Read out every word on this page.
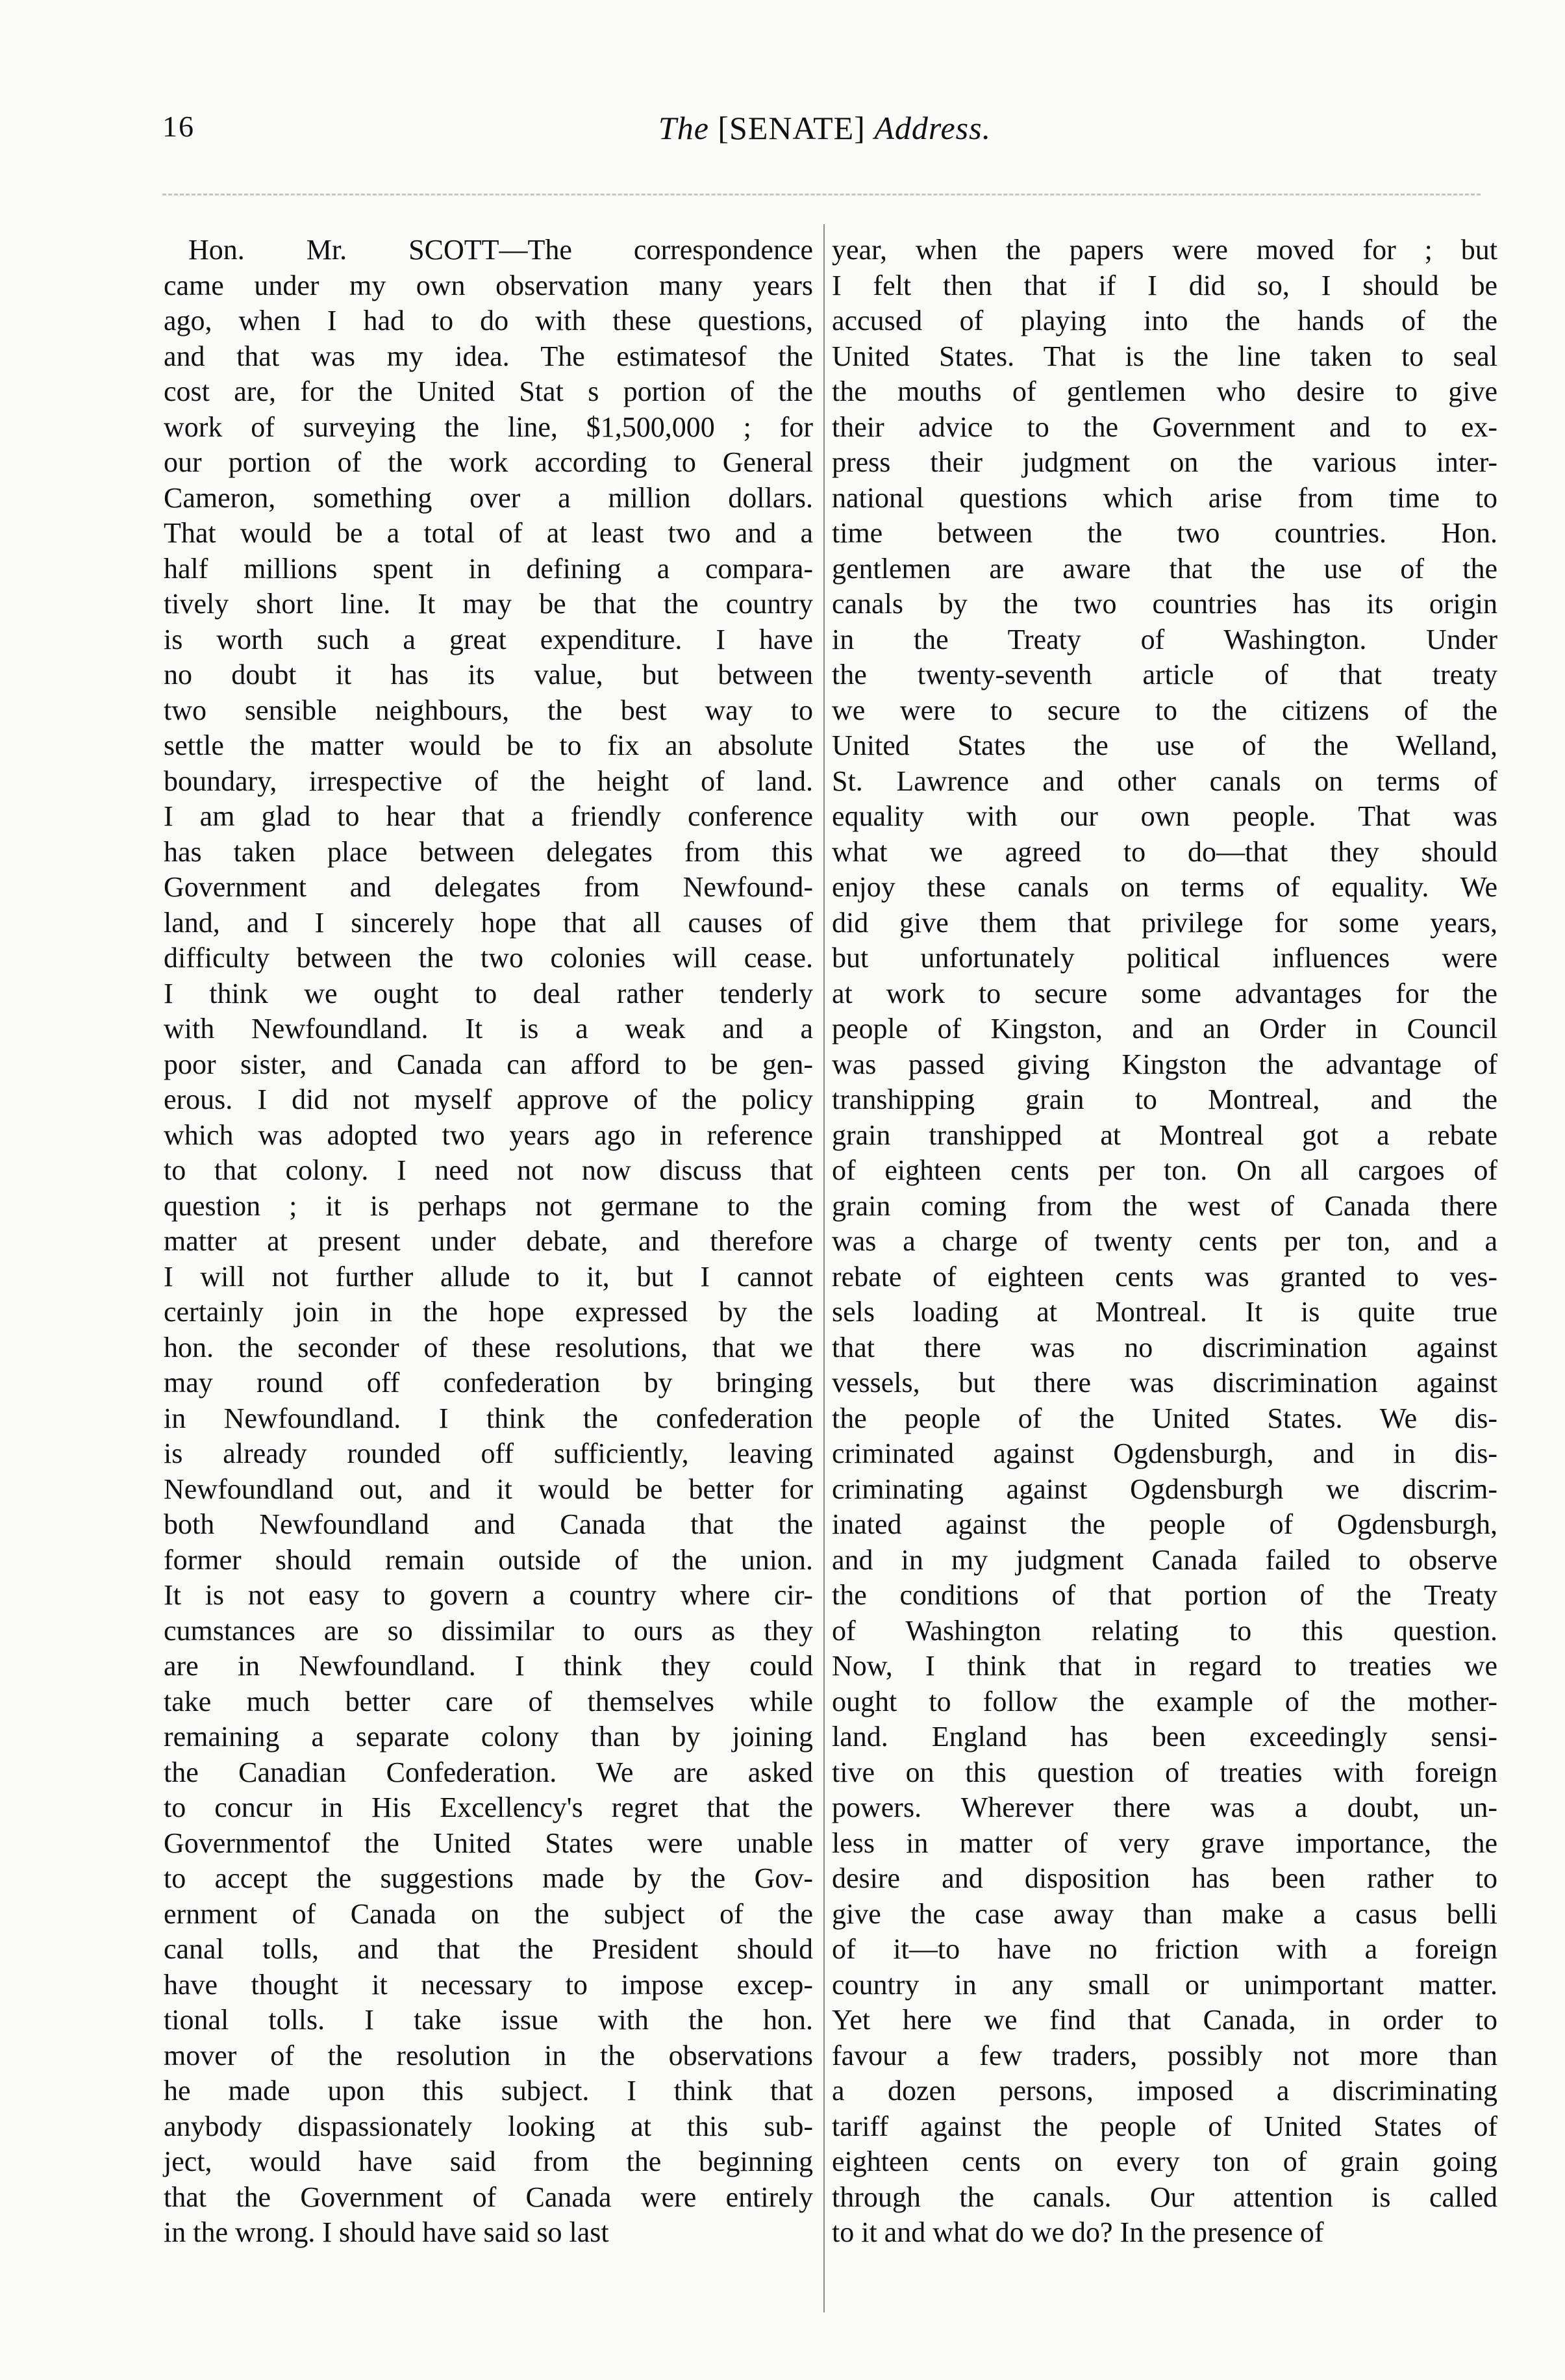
16	The [SENATE] Address.
Hon. Mr. SCOTT—The correspondence
came under my own observation many years
ago, when I had to do with these questions,
and that was my idea. The estimatesof the
cost are, for the United Stat s portion of the
work of surveying the line, $1,500,000 ; for
our portion of the work according to General
Cameron, something over a million dollars.
That would be a total of at least two and a
half millions spent in defining a compara-
tively short line. It may be that the country
is worth such a great expenditure. I have
no doubt it has its value, but between
two sensible neighbours, the best way to
settle the matter would be to fix an absolute
boundary, irrespective of the height of land.
I am glad to hear that a friendly conference
has taken place between delegates from this
Government and delegates from Newfound-
land, and I sincerely hope that all causes of
difficulty between the two colonies will cease.
I think we ought to deal rather tenderly
with Newfoundland. It is a weak and a
poor sister, and Canada can afford to be gen-
erous. I did not myself approve of the policy
which was adopted two years ago in reference
to that colony. I need not now discuss that
question ; it is perhaps not germane to the
matter at present under debate, and therefore
I will not further allude to it, but I cannot
certainly join in the hope expressed by the
hon. the seconder of these resolutions, that we
may round off confederation by bringing
in Newfoundland. I think the confederation
is already rounded off sufficiently, leaving
Newfoundland out, and it would be better for
both Newfoundland and Canada that the
former should remain outside of the union.
It is not easy to govern a country where cir-
cumstances are so dissimilar to ours as they
are in Newfoundland. I think they could
take much better care of themselves while
remaining a separate colony than by joining
the Canadian Confederation. We are asked
to concur in His Excellency's regret that the
Governmentof the United States were unable
to accept the suggestions made by the Gov-
ernment of Canada on the subject of the
canal tolls, and that the President should
have thought it necessary to impose excep-
tional tolls. I take issue with the hon.
mover of the resolution in the observations
he made upon this subject. I think that
anybody dispassionately looking at this sub-
ject, would have said from the beginning
that the Government of Canada were entirely
in the wrong. I should have said so last
year, when the papers were moved for ; but
I felt then that if I did so, I should be
accused of playing into the hands of the
United States. That is the line taken to seal
the mouths of gentlemen who desire to give
their advice to the Government and to ex-
press their judgment on the various inter-
national questions which arise from time to
time between the two countries. Hon.
gentlemen are aware that the use of the
canals by the two countries has its origin
in the Treaty of Washington. Under
the twenty-seventh article of that treaty
we were to secure to the citizens of the
United States the use of the Welland,
St. Lawrence and other canals on terms of
equality with our own people. That was
what we agreed to do—that they should
enjoy these canals on terms of equality. We
did give them that privilege for some years,
but unfortunately political influences were
at work to secure some advantages for the
people of Kingston, and an Order in Council
was passed giving Kingston the advantage of
transhipping grain to Montreal, and the
grain transhipped at Montreal got a rebate
of eighteen cents per ton. On all cargoes of
grain coming from the west of Canada there
was a charge of twenty cents per ton, and a
rebate of eighteen cents was granted to ves-
sels loading at Montreal. It is quite true
that there was no discrimination against
vessels, but there was discrimination against
the people of the United States. We dis-
criminated against Ogdensburgh, and in dis-
criminating against Ogdensburgh we discrim-
inated against the people of Ogdensburgh,
and in my judgment Canada failed to observe
the conditions of that portion of the Treaty
of Washington relating to this question.
Now, I think that in regard to treaties we
ought to follow the example of the mother-
land. England has been exceedingly sensi-
tive on this question of treaties with foreign
powers. Wherever there was a doubt, un-
less in matter of very grave importance, the
desire and disposition has been rather to
give the case away than make a casus belli
of it—to have no friction with a foreign
country in any small or unimportant matter.
Yet here we find that Canada, in order to
favour a few traders, possibly not more than
a dozen persons, imposed a discriminating
tariff against the people of United States of
eighteen cents on every ton of grain going
through the canals. Our attention is called
to it and what do we do? In the presence of
